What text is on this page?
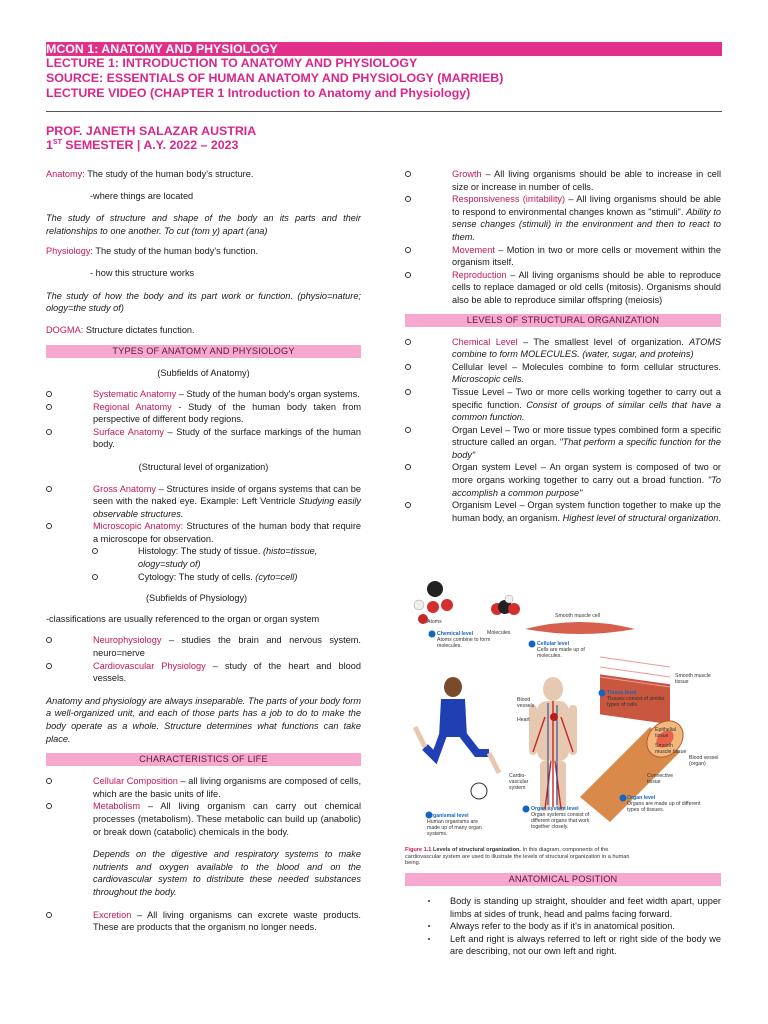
MCON 1: ANATOMY AND PHYSIOLOGY
LECTURE 1: INTRODUCTION TO ANATOMY AND PHYSIOLOGY
SOURCE: ESSENTIALS OF HUMAN ANATOMY AND PHYSIOLOGY (MARRIEB)
LECTURE VIDEO (CHAPTER 1 Introduction to Anatomy and Physiology)
PROF. JANETH SALAZAR AUSTRIA
1ST SEMESTER | A.Y. 2022 – 2023

Anatomy: The study of the human body's structure.

-where things are located

The study of structure and shape of the body an its parts and their relationships to one another. To cut (tom y) apart (ana)

Physiology: The study of the human body's function.

- how this structure works

The study of how the body and its part work or function. (physio=nature; ology=the study of)

DOGMA: Structure dictates function.

TYPES OF ANATOMY AND PHYSIOLOGY

(Subfields of Anatomy)

Systematic Anatomy – Study of the human body's organ systems.
Regional Anatomy - Study of the human body taken from perspective of different body regions.
Surface Anatomy – Study of the surface markings of the human body.

(Structural level of organization)

Gross Anatomy – Structures inside of organs systems that can be seen with the naked eye. Example: Left Ventricle Studying easily observable structures.
Microscopic Anatomy: Structures of the human body that require a microscope for observation.
Histology: The study of tissue. (histo=tissue, ology=study of)
Cytology: The study of cells. (cyto=cell)

(Subfields of Physiology)

-classifications are usually referenced to the organ or organ system

Neurophysiology – studies the brain and nervous system. neuro=nerve
Cardiovascular Physiology – study of the heart and blood vessels.

Anatomy and physiology are always inseparable. The parts of your body form a well-organized unit, and each of those parts has a job to do to make the body operate as a whole. Structure determines what functions can take place.

CHARACTERISTICS OF LIFE
Cellular Composition – all living organisms are composed of cells, which are the basic units of life.
Metabolism – All living organism can carry out chemical processes (metabolism). These metabolic can build up (anabolic) or break down (catabolic) chemicals in the body.

Depends on the digestive and respiratory systems to make nutrients and oxygen available to the blood and on the cardiovascular system to distribute these needed substances throughout the body.

Excretion – All living organisms can excrete waste products. These are products that the organism no longer needs.
Growth – All living organisms should be able to increase in cell size or increase in number of cells.
Responsiveness (irritability) – All living organisms should be able to respond to environmental changes known as "stimuli". Ability to sense changes (stimuli) in the environment and then to react to them.
Movement – Motion in two or more cells or movement within the organism itself.
Reproduction – All living organisms should be able to reproduce cells to replace damaged or old cells (mitosis). Organisms should also be able to reproduce similar offspring (meiosis)
LEVELS OF STRUCTURAL ORGANIZATION
Chemical Level – The smallest level of organization. ATOMS combine to form MOLECULES. (water, sugar, and proteins)
Cellular level – Molecules combine to form cellular structures. Microscopic cells.
Tissue Level – Two or more cells working together to carry out a specific function. Consist of groups of similar cells that have a common function.
Organ Level – Two or more tissue types combined form a specific structure called an organ. "That perform a specific function for the body"
Organ system Level – An organ system is composed of two or more organs working together to carry out a broad function. "To accomplish a common purpose"
Organism Level – Organ system function together to make up the human body, an organism. Highest level of structural organization.
Atoms
Molecules
Smooth muscle cell
Chemical level
Atoms combine to form molecules.	Cellular level
Cells are made up of molecules.
Tissue level
Tissues consist of similar types of cells.
Smooth muscle tissue
Blood vessels
Heart
Epithelial tissue
Smooth muscle tissue
Blood vessel (organ)
Connective tissue
Cardio-vascular system
Organ level
Organs are made up of different types of tissues.
Organ system level
Organ systems consist of different organs that work together closely.
Organismal level
Human organisms are made up of many organ systems.
Figure 1.1 Levels of structural organization. In this diagram, components of the cardiovascular system are used to illustrate the levels of structural organization in a human being.
ANATOMICAL POSITION
Body is standing up straight, shoulder and feet width apart, upper limbs at sides of trunk, head and palms facing forward.
Always refer to the body as if it's in anatomical position.
Left and right is always referred to left or right side of the body we are describing, not our own left and right.
